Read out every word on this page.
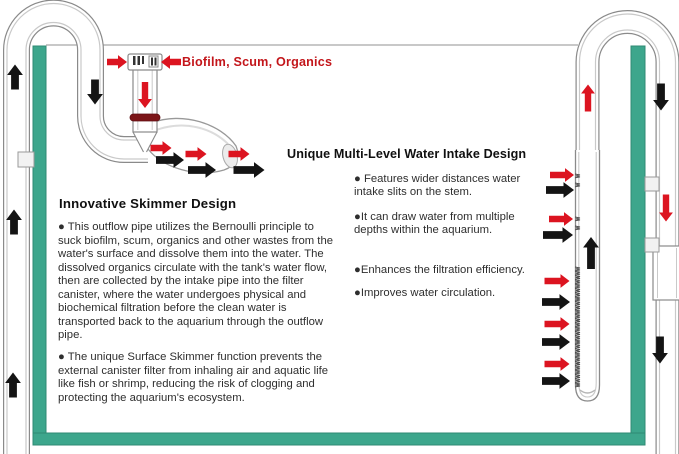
Biofilm, Scum, Organics
Innovative Skimmer Design
● This outflow pipe utilizes the Bernoulli principle to suck biofilm, scum, organics and other wastes from the water's surface and dissolve them into the water. The dissolved organics circulate with the tank's water flow, then are collected by the intake pipe into the filter canister, where the water undergoes physical and biochemical filtration before the clean water is transported back to the aquarium through the outflow pipe.
● The unique Surface Skimmer function prevents the external canister filter from inhaling air and aquatic life like fish or shrimp, reducing the risk of clogging and protecting the aquarium's ecosystem.
Unique Multi-Level Water Intake Design
● Features wider distances water intake slits on the stem.
●It can draw water from multiple depths within the aquarium.
●Enhances the filtration efficiency.
●Improves water circulation.
